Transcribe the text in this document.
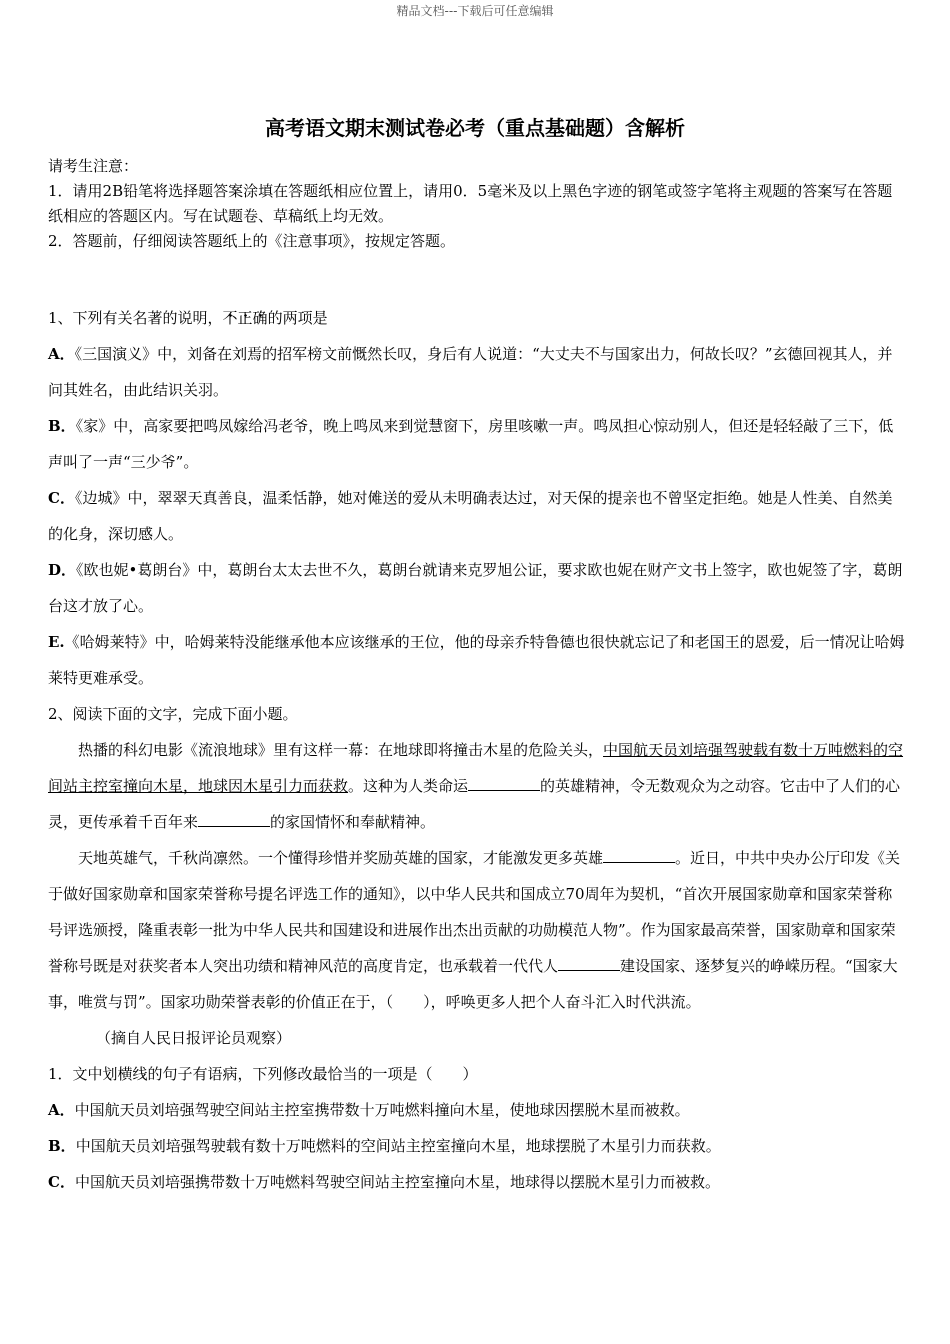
精品文档---下载后可任意编辑
高考语文期末测试卷必考（重点基础题）含解析

请考生注意：

1．请用2B铅笔将选择题答案涂填在答题纸相应位置上，请用0．5毫米及以上黑色字迹的钢笔或签字笔将主观题的答案写在答题纸相应的答题区内。写在试题卷、草稿纸上均无效。

2．答题前，仔细阅读答题纸上的《注意事项》，按规定答题。

1、下列有关名著的说明，不正确的两项是

A．《三国演义》中，刘备在刘焉的招军榜文前慨然长叹，身后有人说道：“大丈夫不与国家出力，何故长叹？”玄德回视其人，并问其姓名，由此结识关羽。

B．《家》中，高家要把鸣凤嫁给冯老爷，晚上鸣凤来到觉慧窗下，房里咳嗽一声。鸣凤担心惊动别人，但还是轻轻敲了三下，低声叫了一声“三少爷”。

C．《边城》中，翠翠天真善良，温柔恬静，她对傩送的爱从未明确表达过，对天保的提亲也不曾坚定拒绝。她是人性美、自然美的化身，深切感人。

D．《欧也妮•葛朗台》中，葛朗台太太去世不久，葛朗台就请来克罗旭公证，要求欧也妮在财产文书上签字，欧也妮签了字，葛朗台这才放了心。

E.《哈姆莱特》中，哈姆莱特没能继承他本应该继承的王位，他的母亲乔特鲁德也很快就忘记了和老国王的恩爱，后一情况让哈姆莱特更难承受。

2、阅读下面的文字，完成下面小题。

热播的科幻电影《流浪地球》里有这样一幕：在地球即将撞击木星的危险关头，中国航天员刘培强驾驶载有数十万吨燃料的空间站主控室撞向木星，地球因木星引力而获救。这种为人类命运	的英雄精神，令无数观众为之动容。它击中了人们的心灵，更传承着千百年来	的家国情怀和奉献精神。

天地英雄气，千秋尚凛然。一个懂得珍惜并奖励英雄的国家，才能激发更多英雄	。近日，中共中央办公厅印发《关于做好国家勋章和国家荣誉称号提名评选工作的通知》，以中华人民共和国成立70周年为契机，“首次开展国家勋章和国家荣誉称号评选颁授，隆重表彰一批为中华人民共和国建设和进展作出杰出贡献的功勋模范人物”。作为国家最高荣誉，国家勋章和国家荣誉称号既是对获奖者本人突出功绩和精神风范的高度肯定，也承载着一代代人	建设国家、逐梦复兴的峥嵘历程。“国家大事，唯赏与罚”。国家功勋荣誉表彰的价值正在于，（　　），呼唤更多人把个人奋斗汇入时代洪流。

（摘自人民日报评论员观察）

1．文中划横线的句子有语病，下列修改最恰当的一项是（　　）

A．中国航天员刘培强驾驶空间站主控室携带数十万吨燃料撞向木星，使地球因摆脱木星而被救。

B．中国航天员刘培强驾驶载有数十万吨燃料的空间站主控室撞向木星，地球摆脱了木星引力而获救。

C．中国航天员刘培强携带数十万吨燃料驾驶空间站主控室撞向木星，地球得以摆脱木星引力而被救。
